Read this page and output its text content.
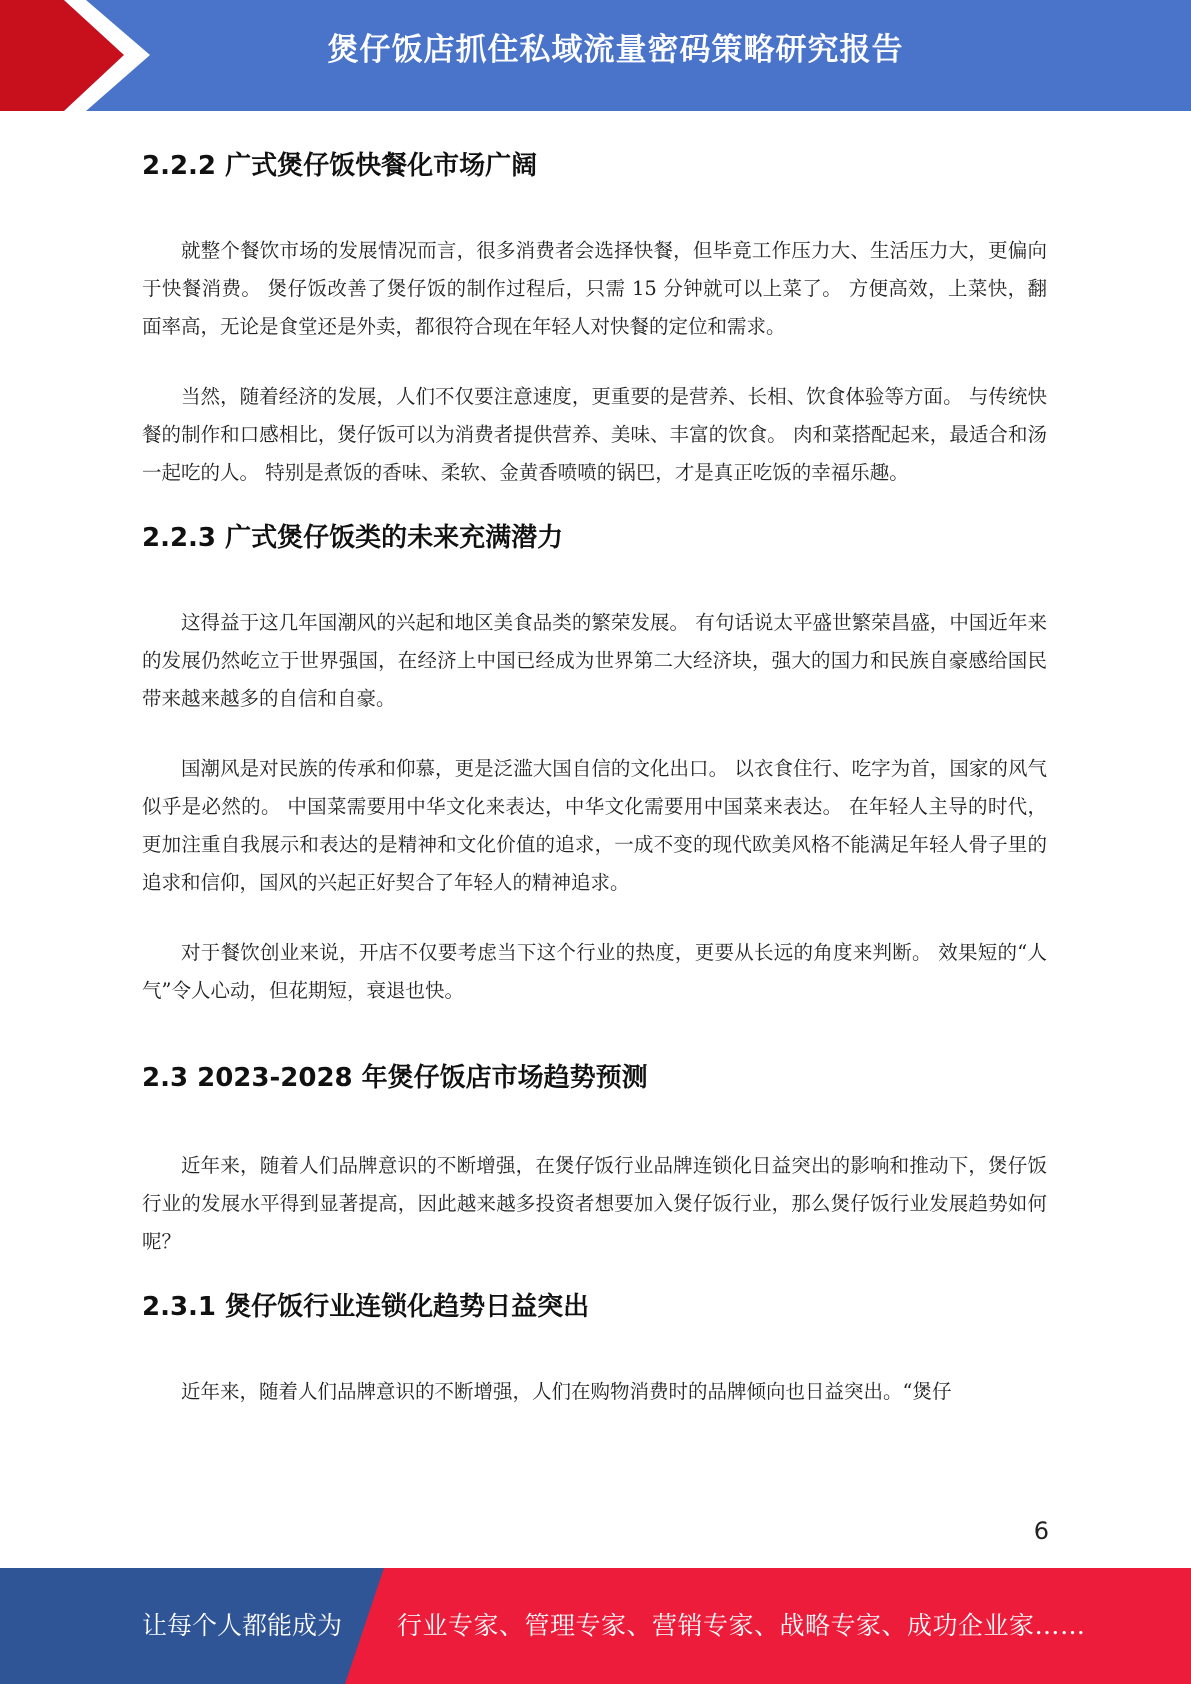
煲仔饭店抓住私域流量密码策略研究报告
2.2.2 广式煲仔饭快餐化市场广阔

就整个餐饮市场的发展情况而言，很多消费者会选择快餐，但毕竟工作压力大、生活压力大，更偏向于快餐消费。 煲仔饭改善了煲仔饭的制作过程后，只需 15 分钟就可以上菜了。 方便高效，上菜快，翻面率高，无论是食堂还是外卖，都很符合现在年轻人对快餐的定位和需求。

当然，随着经济的发展，人们不仅要注意速度，更重要的是营养、长相、饮食体验等方面。 与传统快餐的制作和口感相比，煲仔饭可以为消费者提供营养、美味、丰富的饮食。 肉和菜搭配起来，最适合和汤一起吃的人。 特别是煮饭的香味、柔软、金黄香喷喷的锅巴，才是真正吃饭的幸福乐趣。

2.2.3 广式煲仔饭类的未来充满潜力

这得益于这几年国潮风的兴起和地区美食品类的繁荣发展。 有句话说太平盛世繁荣昌盛，中国近年来的发展仍然屹立于世界强国，在经济上中国已经成为世界第二大经济块，强大的国力和民族自豪感给国民带来越来越多的自信和自豪。

国潮风是对民族的传承和仰慕，更是泛滥大国自信的文化出口。 以衣食住行、吃字为首，国家的风气似乎是必然的。 中国菜需要用中华文化来表达，中华文化需要用中国菜来表达。 在年轻人主导的时代，更加注重自我展示和表达的是精神和文化价值的追求，一成不变的现代欧美风格不能满足年轻人骨子里的追求和信仰，国风的兴起正好契合了年轻人的精神追求。

对于餐饮创业来说，开店不仅要考虑当下这个行业的热度，更要从长远的角度来判断。 效果短的“人气”令人心动，但花期短，衰退也快。

2.3 2023-2028 年煲仔饭店市场趋势预测

近年来，随着人们品牌意识的不断增强，在煲仔饭行业品牌连锁化日益突出的影响和推动下，煲仔饭行业的发展水平得到显著提高，因此越来越多投资者想要加入煲仔饭行业，那么煲仔饭行业发展趋势如何呢？

2.3.1 煲仔饭行业连锁化趋势日益突出

近年来，随着人们品牌意识的不断增强，人们在购物消费时的品牌倾向也日益突出。“煲仔

6
让每个人都能成为 行业专家、管理专家、营销专家、战略专家、成功企业家……
